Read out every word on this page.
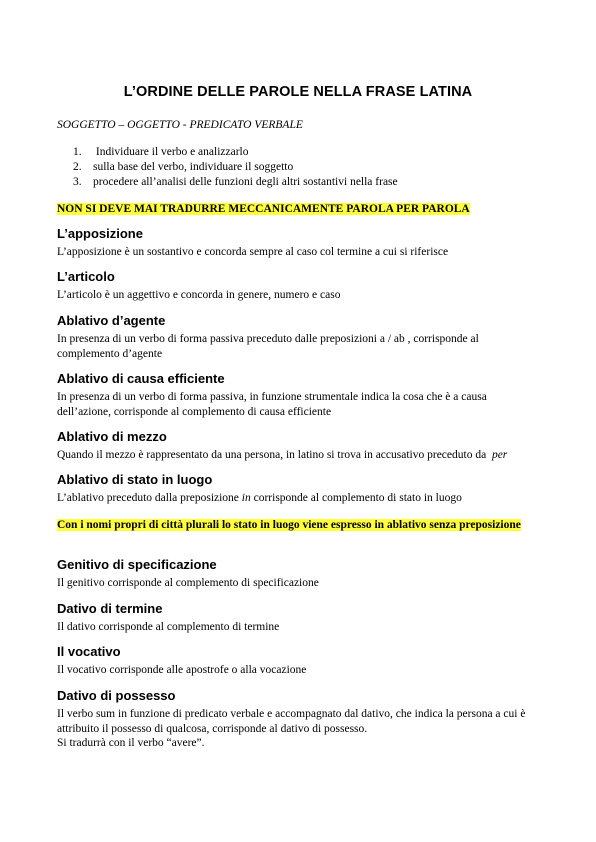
L’ORDINE DELLE PAROLE NELLA FRASE LATINA

SOGGETTO – OGGETTO - PREDICATO VERBALE

1. Individuare il verbo e analizzarlo
2. sulla base del verbo, individuare il soggetto
3. procedere all’analisi delle funzioni degli altri sostantivi nella frase

NON SI DEVE MAI TRADURRE MECCANICAMENTE PAROLA PER PAROLA

L’apposizione

L’apposizione è un sostantivo e concorda sempre al caso col termine a cui si riferisce

L’articolo

L’articolo è un aggettivo e concorda in genere, numero e caso

Ablativo d’agente

In presenza di un verbo di forma passiva preceduto dalle preposizioni a / ab , corrisponde al complemento d’agente

Ablativo di causa efficiente

In presenza di un verbo di forma passiva, in funzione strumentale indica la cosa che è a causa dell’azione, corrisponde al complemento di causa efficiente

Ablativo di mezzo

Quando il mezzo è rappresentato da una persona, in latino si trova in accusativo preceduto da  per

Ablativo di stato in luogo

L’ablativo preceduto dalla preposizione in corrisponde al complemento di stato in luogo

Con i nomi propri di città plurali lo stato in luogo viene espresso in ablativo senza preposizione

Genitivo di specificazione

Il genitivo corrisponde al complemento di specificazione

Dativo di termine

Il dativo corrisponde al complemento di termine

Il vocativo

Il vocativo corrisponde alle apostrofe o alla vocazione

Dativo di possesso

Il verbo sum in funzione di predicato verbale e accompagnato dal dativo, che indica la persona a cui è attribuito il possesso di qualcosa, corrisponde al dativo di possesso.

Si tradurrà con il verbo “avere”.
